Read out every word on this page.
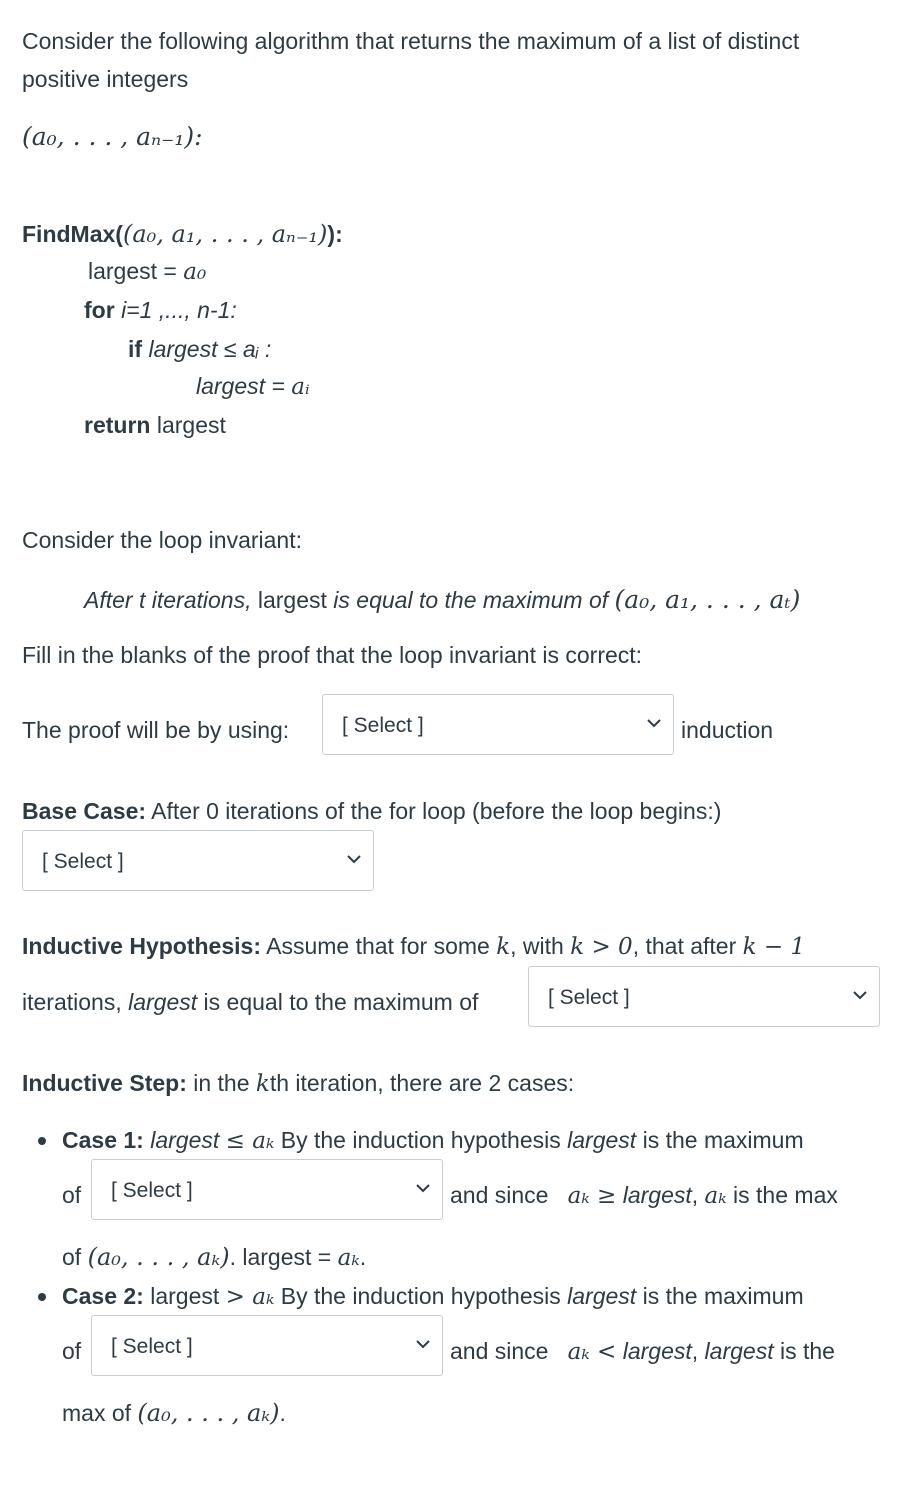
Consider the following algorithm that returns the maximum of a list of distinct
positive integers
(a₀, . . . , aₙ₋₁):
FindMax((a₀, a₁, . . . , aₙ₋₁)):
largest = a₀
for i=1 ,..., n-1:
if largest ≤ aᵢ :
largest = aᵢ
return largest
Consider the loop invariant:
After t iterations, largest is equal to the maximum of (a₀, a₁, . . . , aₜ)
Fill in the blanks of the proof that the loop invariant is correct:
The proof will be by using:	[ Select ]	induction
Base Case: After 0 iterations of the for loop (before the loop begins:)
[ Select ]
Inductive Hypothesis: Assume that for some k, with k > 0, that after k − 1
iterations, largest is equal to the maximum of	[ Select ]
Inductive Step: in the kth iteration, there are 2 cases:
Case 1: largest ≤ aₖ By the induction hypothesis largest is the maximum
of [ Select ]	and since aₖ ≥ largest, aₖ is the max
of (a₀, . . . , aₖ). largest = aₖ.
Case 2: largest > aₖ By the induction hypothesis largest is the maximum
of [ Select ]	and since aₖ < largest, largest is the
max of (a₀, . . . , aₖ).
